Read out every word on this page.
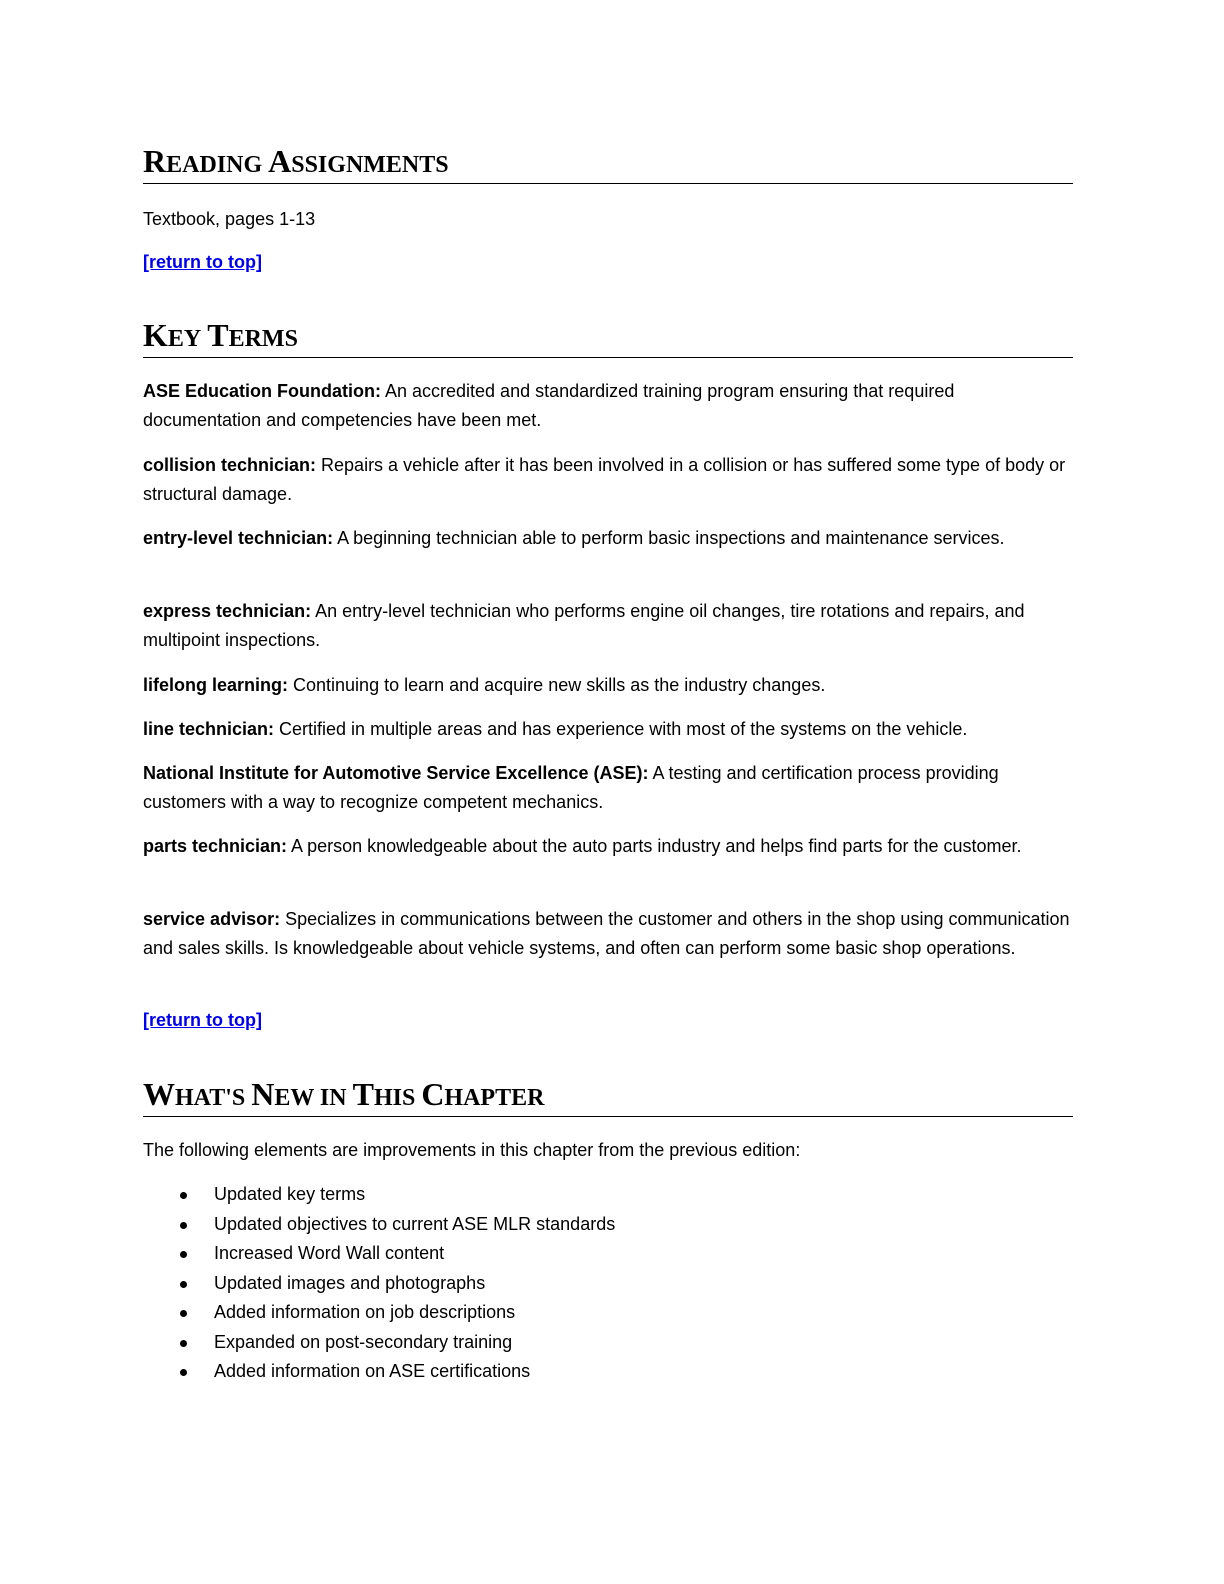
READING ASSIGNMENTS

Textbook, pages 1-13

[return to top]
KEY TERMS
ASE Education Foundation: An accredited and standardized training program ensuring that required documentation and competencies have been met.
collision technician: Repairs a vehicle after it has been involved in a collision or has suffered some type of body or structural damage.
entry-level technician: A beginning technician able to perform basic inspections and maintenance services.
express technician: An entry-level technician who performs engine oil changes, tire rotations and repairs, and multipoint inspections.
lifelong learning: Continuing to learn and acquire new skills as the industry changes.
line technician: Certified in multiple areas and has experience with most of the systems on the vehicle.
National Institute for Automotive Service Excellence (ASE): A testing and certification process providing customers with a way to recognize competent mechanics.
parts technician: A person knowledgeable about the auto parts industry and helps find parts for the customer.
service advisor: Specializes in communications between the customer and others in the shop using communication and sales skills. Is knowledgeable about vehicle systems, and often can perform some basic shop operations.
[return to top]
WHAT'S NEW IN THIS CHAPTER

The following elements are improvements in this chapter from the previous edition:

Updated key terms
Updated objectives to current ASE MLR standards
Increased Word Wall content
Updated images and photographs
Added information on job descriptions
Expanded on post-secondary training
Added information on ASE certifications
